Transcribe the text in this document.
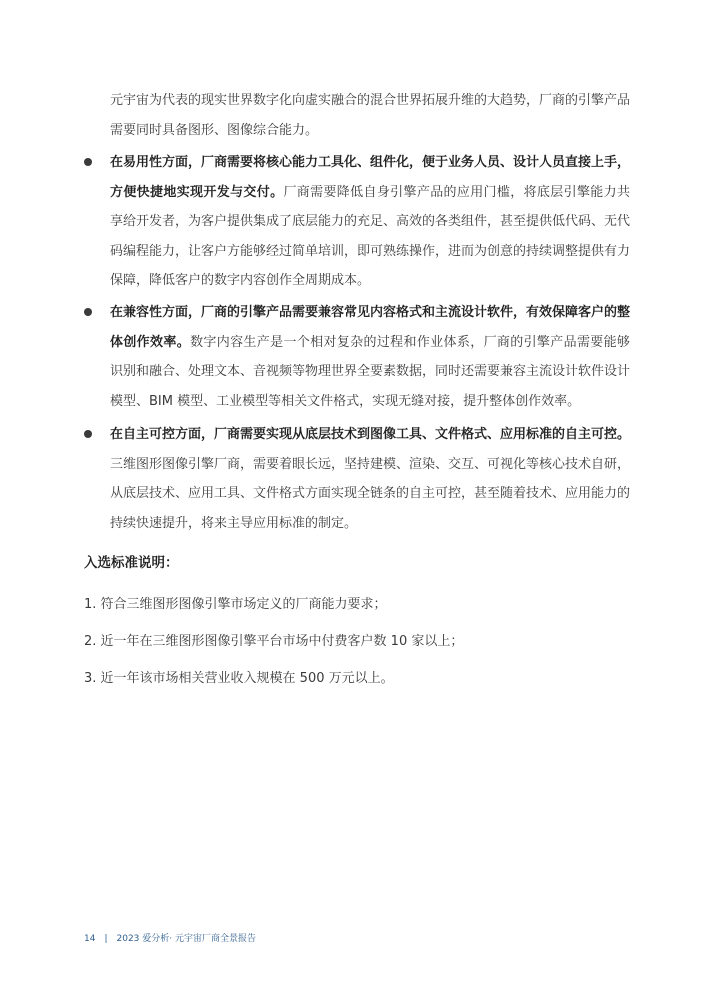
元宇宙为代表的现实世界数字化向虚实融合的混合世界拓展升维的大趋势，厂商的引擎产品需要同时具备图形、图像综合能力。

在易用性方面，厂商需要将核心能力工具化、组件化，便于业务人员、设计人员直接上手，方便快捷地实现开发与交付。厂商需要降低自身引擎产品的应用门槛，将底层引擎能力共享给开发者，为客户提供集成了底层能力的充足、高效的各类组件，甚至提供低代码、无代码编程能力，让客户方能够经过简单培训，即可熟练操作，进而为创意的持续调整提供有力保障，降低客户的数字内容创作全周期成本。

在兼容性方面，厂商的引擎产品需要兼容常见内容格式和主流设计软件，有效保障客户的整体创作效率。数字内容生产是一个相对复杂的过程和作业体系，厂商的引擎产品需要能够识别和融合、处理文本、音视频等物理世界全要素数据，同时还需要兼容主流设计软件设计模型、BIM 模型、工业模型等相关文件格式，实现无缝对接，提升整体创作效率。

在自主可控方面，厂商需要实现从底层技术到图像工具、文件格式、应用标准的自主可控。三维图形图像引擎厂商，需要着眼长远，坚持建模、渲染、交互、可视化等核心技术自研，从底层技术、应用工具、文件格式方面实现全链条的自主可控，甚至随着技术、应用能力的持续快速提升，将来主导应用标准的制定。

入选标准说明：

1. 符合三维图形图像引擎市场定义的厂商能力要求；

2. 近一年在三维图形图像引擎平台市场中付费客户数 10 家以上；

3. 近一年该市场相关营业收入规模在 500 万元以上。

14 | 2023 爱分析· 元宇宙厂商全景报告
